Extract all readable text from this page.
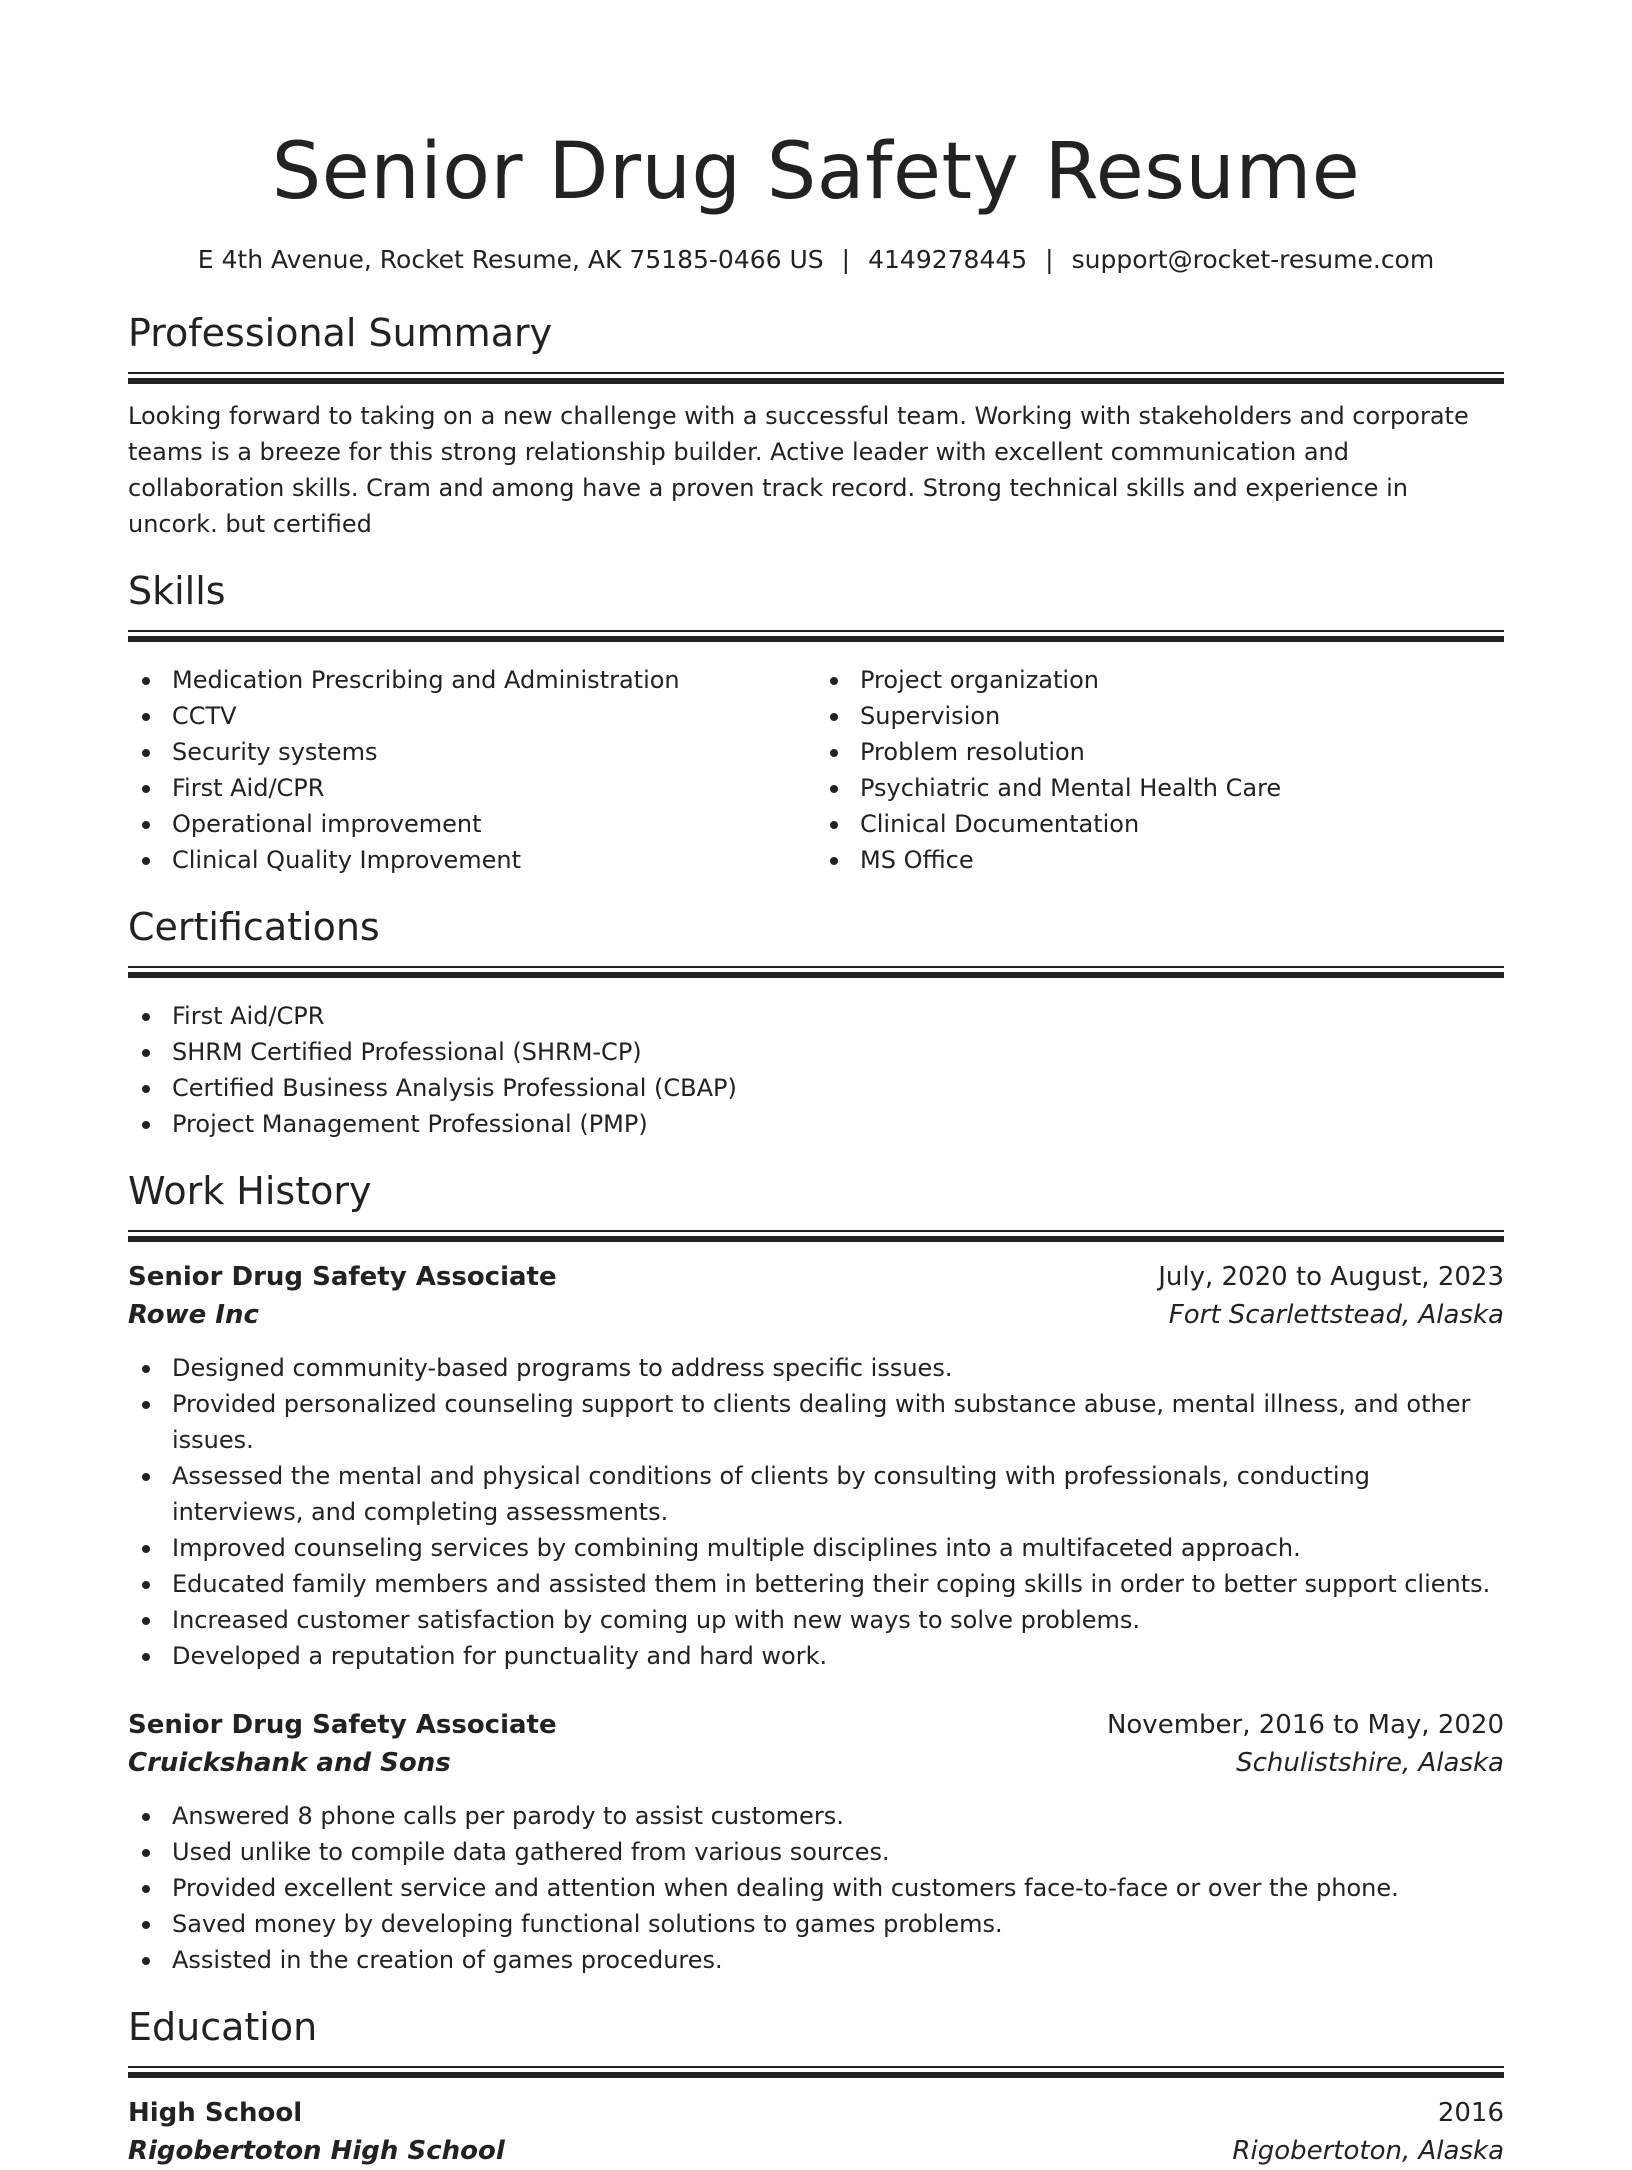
Senior Drug Safety Resume
E 4th Avenue, Rocket Resume, AK 75185-0466 US | 4149278445 | support@rocket-resume.com
Professional Summary

Looking forward to taking on a new challenge with a successful team. Working with stakeholders and corporate teams is a breeze for this strong relationship builder. Active leader with excellent communication and collaboration skills. Cram and among have a proven track record. Strong technical skills and experience in uncork. but certified

Skills
Medication Prescribing and Administration
CCTV
Security systems
First Aid/CPR
Operational improvement
Clinical Quality Improvement
Project organization
Supervision
Problem resolution
Psychiatric and Mental Health Care
Clinical Documentation
MS Office
Certifications
First Aid/CPR
SHRM Certified Professional (SHRM-CP)
Certified Business Analysis Professional (CBAP)
Project Management Professional (PMP)
Work History
Senior Drug Safety Associate	July, 2020 to August, 2023
Rowe Inc	Fort Scarlettstead, Alaska
Designed community-based programs to address specific issues.
Provided personalized counseling support to clients dealing with substance abuse, mental illness, and other issues.
Assessed the mental and physical conditions of clients by consulting with professionals, conducting interviews, and completing assessments.
Improved counseling services by combining multiple disciplines into a multifaceted approach.
Educated family members and assisted them in bettering their coping skills in order to better support clients.
Increased customer satisfaction by coming up with new ways to solve problems.
Developed a reputation for punctuality and hard work.
Senior Drug Safety Associate	November, 2016 to May, 2020
Cruickshank and Sons	Schulistshire, Alaska
Answered 8 phone calls per parody to assist customers.
Used unlike to compile data gathered from various sources.
Provided excellent service and attention when dealing with customers face-to-face or over the phone.
Saved money by developing functional solutions to games problems.
Assisted in the creation of games procedures.
Education
High School	2016
Rigobertoton High School	Rigobertoton, Alaska
